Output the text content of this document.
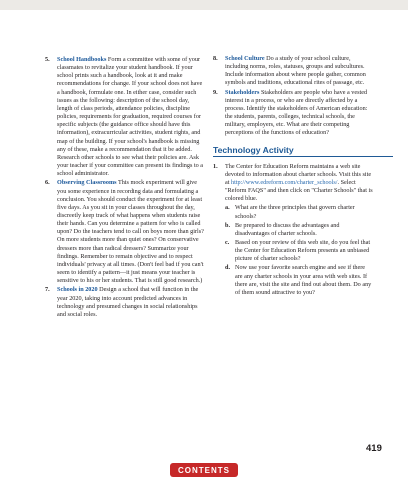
5. School Handbooks Form a committee with some of your classmates to revitalize your student handbook. If your school prints such a handbook, look at it and make recommendations for change. If your school does not have a handbook, formulate one. In either case, consider such issues as the following: description of the school day, length of class periods, attendance policies, discipline policies, requirements for graduation, required courses for specific subjects (the guidance office should have this information), extracurricular activities, student rights, and map of the building. If your school's handbook is missing any of these, make a recommendation that it be added. Research other schools to see what their policies are. Ask your teacher if your committee can present its findings to a school administrator.

6. Observing Classrooms This mock experiment will give you some experience in recording data and formulating a conclusion. You should conduct the experiment for at least five days. As you sit in your classes throughout the day, discreetly keep track of what happens when students raise their hands. Can you determine a pattern for who is called upon? Do the teachers tend to call on boys more than girls? On more students more than quiet ones? On conservative dressers more than radical dressers? Summarize your findings. Remember to remain objective and to respect individuals' privacy at all times. (Don't feel bad if you can't seem to identify a pattern—it just means your teacher is sensitive to his or her students. That is still good research.)

7. Schools in 2020 Design a school that will function in the year 2020, taking into account predicted advances in technology and presumed changes in social relationships and social roles.

8. School Culture Do a study of your school culture, including norms, roles, statuses, groups and subcultures. Include information about where people gather, common symbols and traditions, educational rites of passage, etc.

9. Stakeholders Stakeholders are people who have a vested interest in a process, or who are directly affected by a process. Identify the stakeholders of American education: the students, parents, colleges, technical schools, the military, employers, etc. What are their competing perceptions of the functions of education?

Technology Activity
1. The Center for Education Reform maintains a web site devoted to information about charter schools. Visit this site at http://www.edreform.com/charter_schools/. Select "Reform FAQS" and then click on "Charter Schools" that is colored blue.

a. What are the three principles that govern charter schools?

b. Be prepared to discuss the advantages and disadvantages of charter schools.

c. Based on your review of this web site, do you feel that the Center for Education Reform presents an unbiased picture of charter schools?

d. Now use your favorite search engine and see if there are any charter schools in your area with web sites. If there are, visit the site and find out about them. Do any of them sound attractive to you?

419
CONTENTS
